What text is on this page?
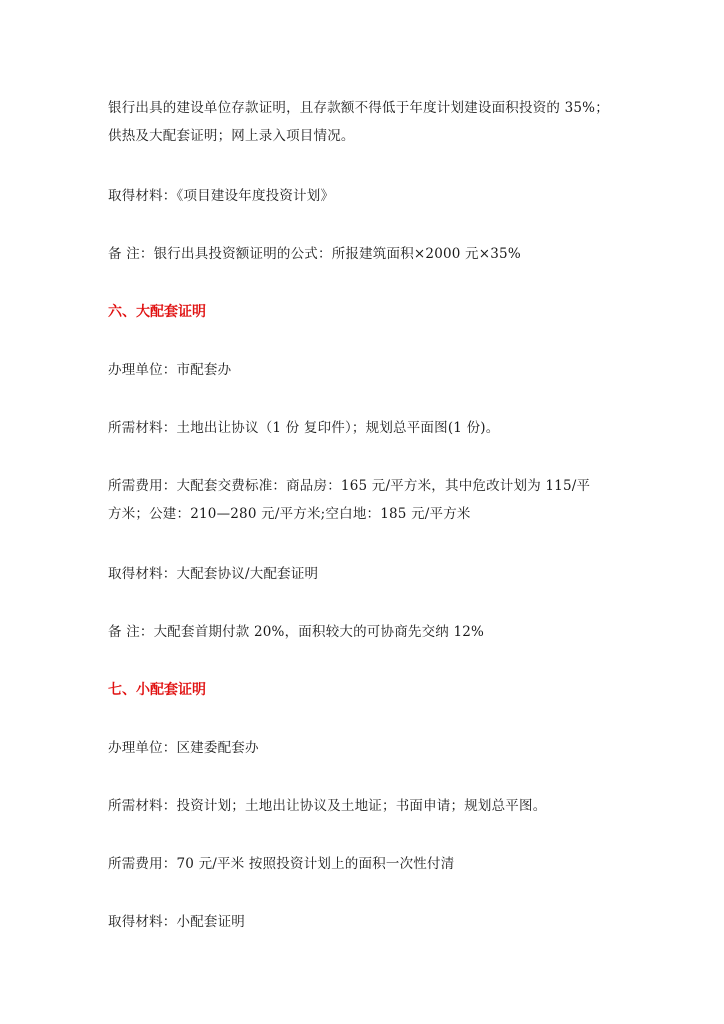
银行出具的建设单位存款证明，且存款额不得低于年度计划建设面积投资的 35%；
供热及大配套证明；网上录入项目情况。
取得材料：《项目建设年度投资计划》
备 注：银行出具投资额证明的公式：所报建筑面积×2000 元×35%
六、大配套证明
办理单位：市配套办
所需材料：土地出让协议（1 份 复印件）；规划总平面图(1 份)。
所需费用：大配套交费标准：商品房：165 元/平方米，其中危改计划为 115/平
方米；公建：210—280 元/平方米;空白地：185 元/平方米
取得材料：大配套协议/大配套证明
备 注：大配套首期付款 20%，面积较大的可协商先交纳 12%
七、小配套证明
办理单位：区建委配套办
所需材料：投资计划；土地出让协议及土地证；书面申请；规划总平图。
所需费用：70 元/平米 按照投资计划上的面积一次性付清
取得材料：小配套证明
